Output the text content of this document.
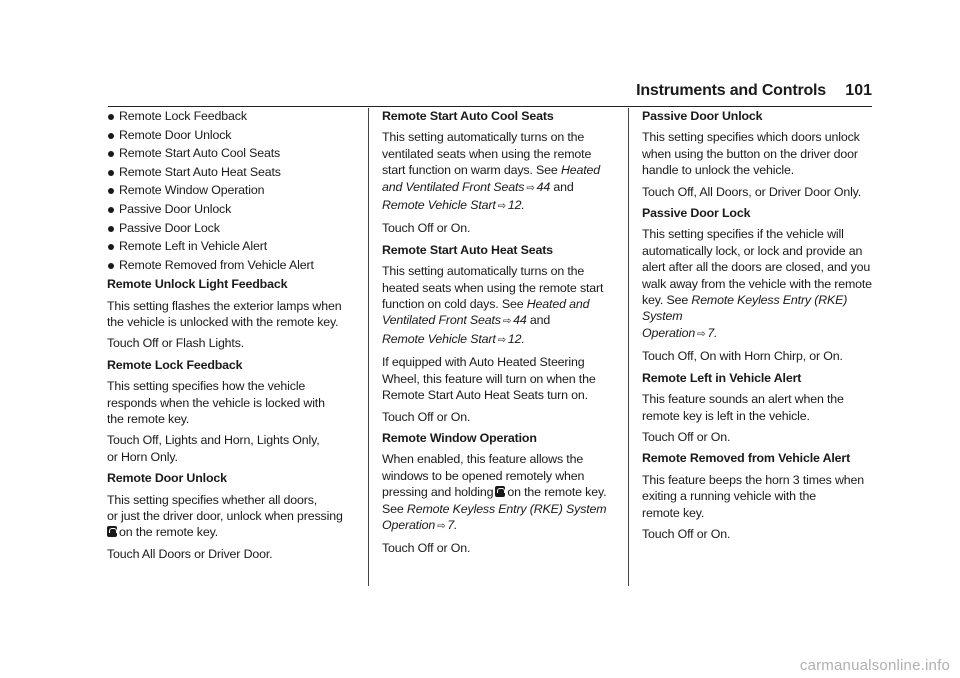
Instruments and Controls 101
Remote Lock Feedback
Remote Door Unlock
Remote Start Auto Cool Seats
Remote Start Auto Heat Seats
Remote Window Operation
Passive Door Unlock
Passive Door Lock
Remote Left in Vehicle Alert
Remote Removed from Vehicle Alert
Remote Unlock Light Feedback

This setting flashes the exterior lamps when
the vehicle is unlocked with the remote key.

Touch Off or Flash Lights.

Remote Lock Feedback

This setting specifies how the vehicle
responds when the vehicle is locked with
the remote key.

Touch Off, Lights and Horn, Lights Only,
or Horn Only.

Remote Door Unlock

This setting specifies whether all doors,
or just the driver door, unlock when pressing
on the remote key.

Touch All Doors or Driver Door.

Remote Start Auto Cool Seats

This setting automatically turns on the
ventilated seats when using the remote
start function on warm days. See Heated
and Ventilated Front Seats ⇨ 44 and
Remote Vehicle Start ⇨ 12.

Touch Off or On.

Remote Start Auto Heat Seats

This setting automatically turns on the
heated seats when using the remote start
function on cold days. See Heated and
Ventilated Front Seats ⇨ 44 and
Remote Vehicle Start ⇨ 12.

If equipped with Auto Heated Steering
Wheel, this feature will turn on when the
Remote Start Auto Heat Seats turn on.

Touch Off or On.

Remote Window Operation

When enabled, this feature allows the
windows to be opened remotely when
pressing and holding on the remote key.
See Remote Keyless Entry (RKE) System
Operation ⇨ 7.

Touch Off or On.

Passive Door Unlock

This setting specifies which doors unlock
when using the button on the driver door
handle to unlock the vehicle.

Touch Off, All Doors, or Driver Door Only.

Passive Door Lock

This setting specifies if the vehicle will
automatically lock, or lock and provide an
alert after all the doors are closed, and you
walk away from the vehicle with the remote
key. See Remote Keyless Entry (RKE) System
Operation ⇨ 7.

Touch Off, On with Horn Chirp, or On.

Remote Left in Vehicle Alert

This feature sounds an alert when the
remote key is left in the vehicle.

Touch Off or On.

Remote Removed from Vehicle Alert

This feature beeps the horn 3 times when
exiting a running vehicle with the
remote key.

Touch Off or On.

carmanualsonline.info
